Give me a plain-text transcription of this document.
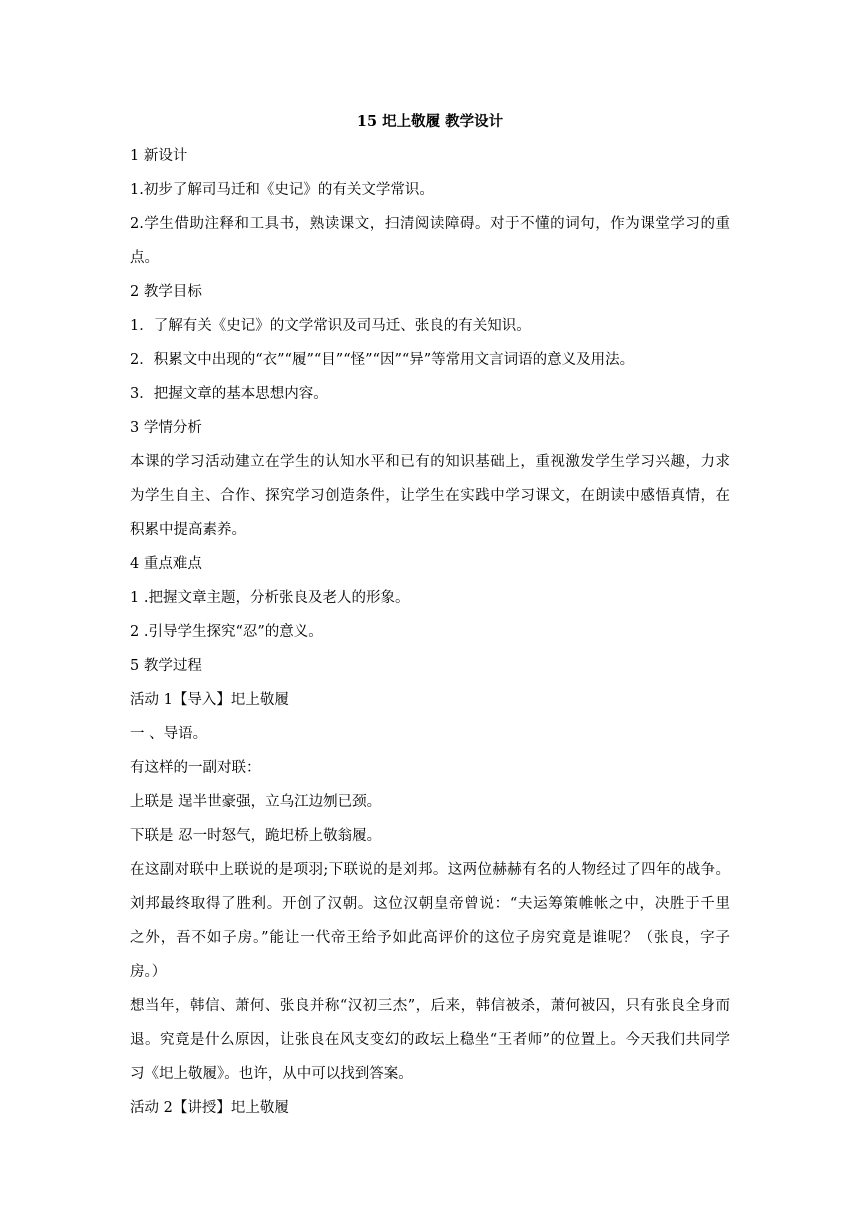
15 圯上敬履 教学设计
1 新设计
1.初步了解司马迁和《史记》的有关文学常识。
2.学生借助注释和工具书，熟读课文，扫清阅读障碍。对于不懂的词句，作为课堂学习的重
点。
2 教学目标
1．了解有关《史记》的文学常识及司马迁、张良的有关知识。
2．积累文中出现的“衣”“履”“目”“怪”“因”“异”等常用文言词语的意义及用法。
3．把握文章的基本思想内容。
3 学情分析
本课的学习活动建立在学生的认知水平和已有的知识基础上，重视激发学生学习兴趣，力求
为学生自主、合作、探究学习创造条件，让学生在实践中学习课文，在朗读中感悟真情，在
积累中提高素养。
4 重点难点
1 .把握文章主题，分析张良及老人的形象。
2 .引导学生探究“忍”的意义。
5 教学过程
活动 1【导入】圯上敬履
一 、导语。
有这样的一副对联：
上联是 逞半世豪强，立乌江边刎已颈。
下联是 忍一时怒气，跪圯桥上敬翁履。
在这副对联中上联说的是项羽;下联说的是刘邦。这两位赫赫有名的人物经过了四年的战争。
刘邦最终取得了胜利。开创了汉朝。这位汉朝皇帝曾说：“夫运筹策帷帐之中，决胜于千里
之外，吾不如子房。”能让一代帝王给予如此高评价的这位子房究竟是谁呢？（张良，字子
房。）
想当年，韩信、萧何、张良并称“汉初三杰”，后来，韩信被杀，萧何被囚，只有张良全身而
退。究竟是什么原因，让张良在风支变幻的政坛上稳坐“王者师”的位置上。今天我们共同学
习《圯上敬履》。也许，从中可以找到答案。
活动 2【讲授】圯上敬履
